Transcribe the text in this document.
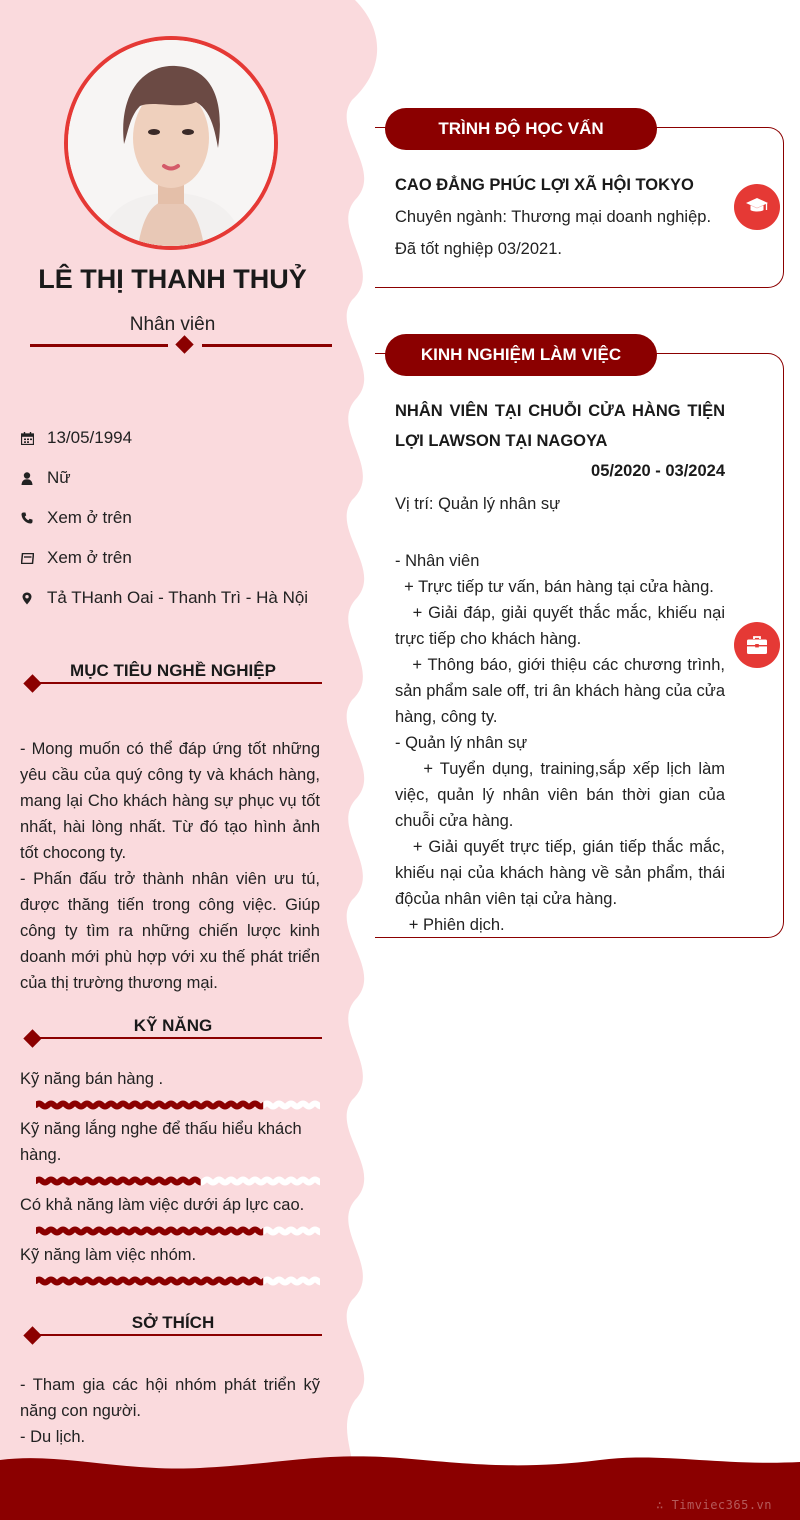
LÊ THỊ THANH THUỶ
Nhân viên
13/05/1994
Nữ
Xem ở trên
Xem ở trên
Tả THanh Oai - Thanh Trì - Hà Nội
MỤC TIÊU NGHỀ NGHIỆP
- Mong muốn có thể đáp ứng tốt những yêu cầu của quý công ty và khách hàng, mang lại Cho khách hàng sự phục vụ tốt nhất, hài lòng nhất. Từ đó tạo hình ảnh tốt chocong ty.
- Phấn đấu trở thành nhân viên ưu tú, được thăng tiến trong công việc. Giúp công ty tìm ra những chiến lược kinh doanh mới phù hợp với xu thế phát triển của thị trường thương mại.
KỸ NĂNG
Kỹ năng bán hàng .
Kỹ năng lắng nghe để thấu hiểu khách hàng.
Có khả năng làm việc dưới áp lực cao.
Kỹ năng làm việc nhóm.
SỞ THÍCH
- Tham gia các hội nhóm phát triển kỹ năng con người.
- Du lịch.
TRÌNH ĐỘ HỌC VẤN
CAO ĐẲNG PHÚC LỢI XÃ HỘI TOKYO
Chuyên ngành: Thương mại doanh nghiệp.
Đã tốt nghiệp 03/2021.
KINH NGHIỆM LÀM VIỆC
NHÂN VIÊN TẠI CHUỖI CỬA HÀNG TIỆN LỢI LAWSON TẠI NAGOYA
05/2020 - 03/2024
Vị trí: Quản lý nhân sự

- Nhân viên
+ Trực tiếp tư vấn, bán hàng tại cửa hàng.
+ Giải đáp, giải quyết thắc mắc, khiếu nại trực tiếp cho khách hàng.
+ Thông báo, giới thiệu các chương trình, sản phẩm sale off, tri ân khách hàng của cửa hàng, công ty.
- Quản lý nhân sự
+ Tuyển dụng, training,sắp xếp lịch làm việc, quản lý nhân viên bán thời gian của chuỗi cửa hàng.
+ Giải quyết trực tiếp, gián tiếp thắc mắc, khiếu nại của khách hàng về sản phẩm, thái độcủa nhân viên tại cửa hàng.
+ Phiên dịch.

∴ Timviec365.vn
